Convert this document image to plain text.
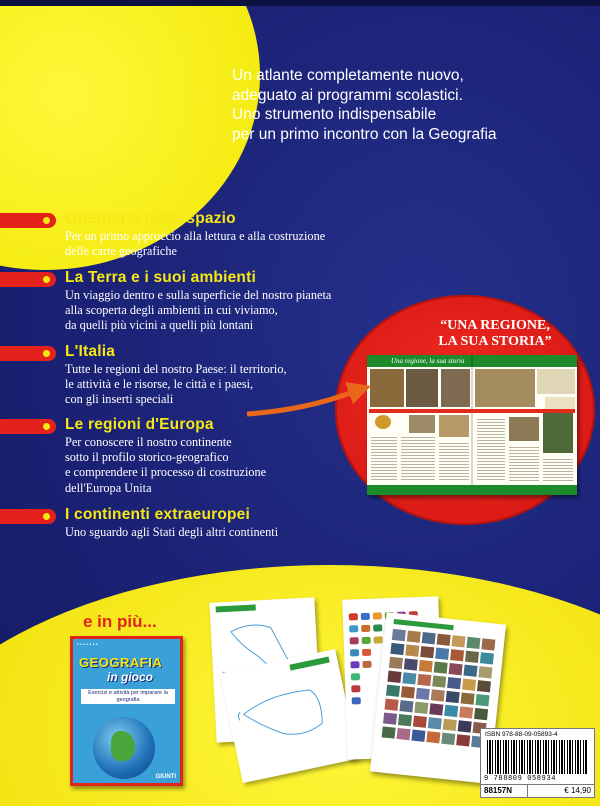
Un atlante completamente nuovo,
adeguato ai programmi scolastici.
Uno strumento indispensabile
per un primo incontro con la Geografia
Orientarsi nello spazio
Per un primo approccio alla lettura e alla costruzione
delle carte geografiche
La Terra e i suoi ambienti
Un viaggio dentro e sulla superficie del nostro pianeta
alla scoperta degli ambienti in cui viviamo,
da quelli più vicini a quelli più lontani
L'Italia
Tutte le regioni del nostro Paese: il territorio,
le attività e le risorse, le città e i paesi,
con gli inserti speciali
Le regioni d'Europa
Per conoscere il nostro continente
sotto il profilo storico-geografico
e comprendere il processo di costruzione
dell'Europa Unita
I continenti extraeuropei
Uno sguardo agli Stati degli altri continenti
“UNA REGIONE,
LA SUA STORIA”
Una regione, la sua storia
e in più...
• • • • • • •
GEOGRAFIA
in gioco
Esercizi e attività per imparare la geografia
GIUNTI
ISBN 978-88-09-05893-4
9 788809 058934
88157N	€ 14,90
